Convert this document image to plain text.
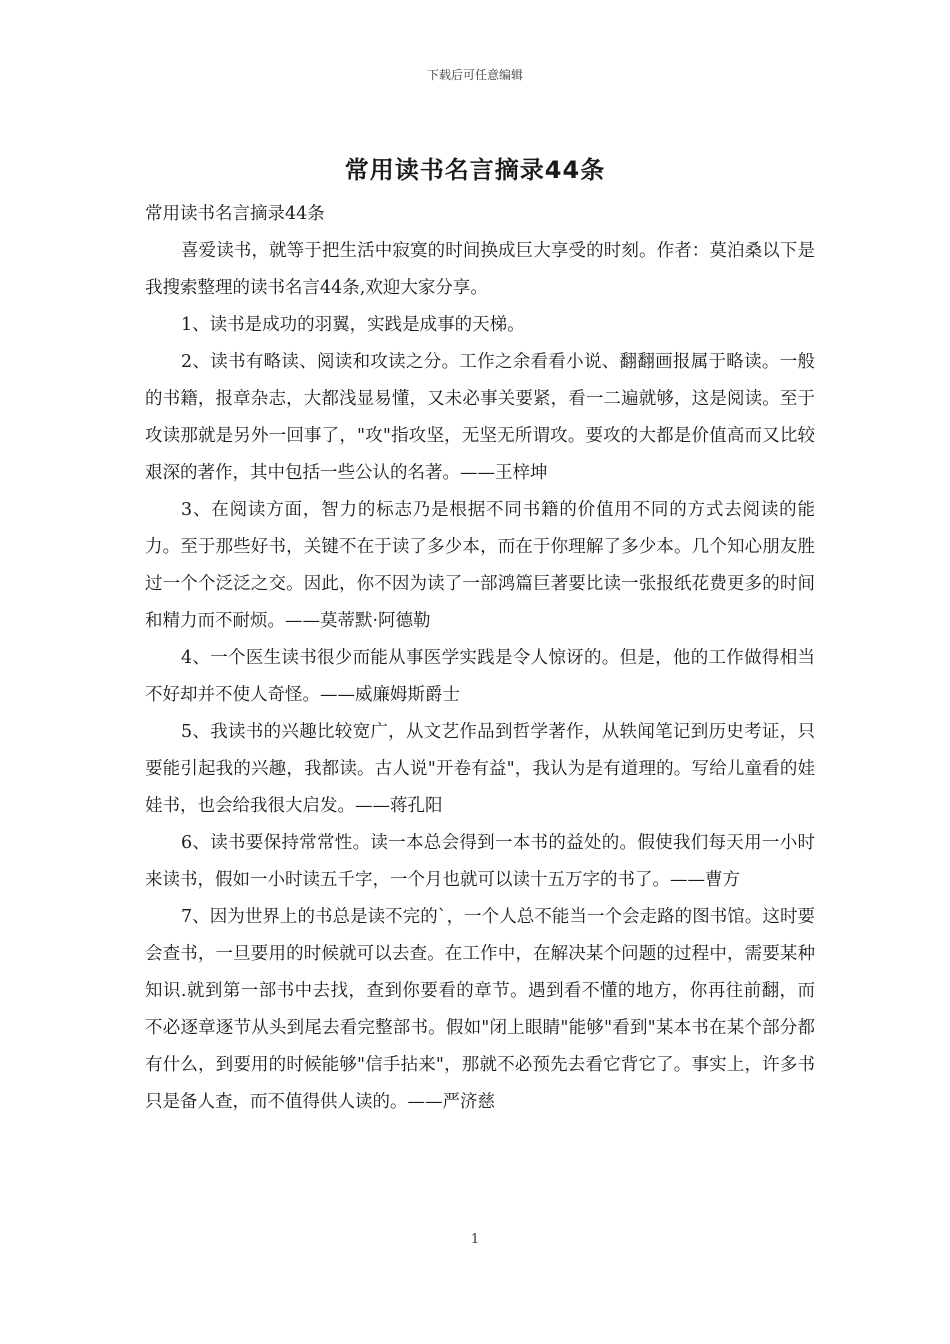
下载后可任意编辑
常用读书名言摘录44条

常用读书名言摘录44条

喜爱读书，就等于把生活中寂寞的时间换成巨大享受的时刻。作者：莫泊桑以下是我搜索整理的读书名言44条,欢迎大家分享。

1、读书是成功的羽翼，实践是成事的天梯。

2、读书有略读、阅读和攻读之分。工作之余看看小说、翻翻画报属于略读。一般的书籍，报章杂志，大都浅显易懂，又未必事关要紧，看一二遍就够，这是阅读。至于攻读那就是另外一回事了，"攻"指攻坚，无坚无所谓攻。要攻的大都是价值高而又比较艰深的著作，其中包括一些公认的名著。——王梓坤

3、在阅读方面，智力的标志乃是根据不同书籍的价值用不同的方式去阅读的能力。至于那些好书，关键不在于读了多少本，而在于你理解了多少本。几个知心朋友胜过一个个泛泛之交。因此，你不因为读了一部鸿篇巨著要比读一张报纸花费更多的时间和精力而不耐烦。——莫蒂默·阿德勒

4、一个医生读书很少而能从事医学实践是令人惊讶的。但是，他的工作做得相当不好却并不使人奇怪。——威廉姆斯爵士

5、我读书的兴趣比较宽广，从文艺作品到哲学著作，从轶闻笔记到历史考证，只要能引起我的兴趣，我都读。古人说"开卷有益"，我认为是有道理的。写给儿童看的娃娃书，也会给我很大启发。——蒋孔阳

6、读书要保持常常性。读一本总会得到一本书的益处的。假使我们每天用一小时来读书，假如一小时读五千字，一个月也就可以读十五万字的书了。——曹方

7、因为世界上的书总是读不完的`，一个人总不能当一个会走路的图书馆。这时要会查书，一旦要用的时候就可以去查。在工作中，在解决某个问题的过程中，需要某种知识.就到第一部书中去找，查到你要看的章节。遇到看不懂的地方，你再往前翻，而不必逐章逐节从头到尾去看完整部书。假如"闭上眼睛"能够"看到"某本书在某个部分都有什么，到要用的时候能够"信手拈来"，那就不必预先去看它背它了。事实上，许多书只是备人查，而不值得供人读的。——严济慈

1
